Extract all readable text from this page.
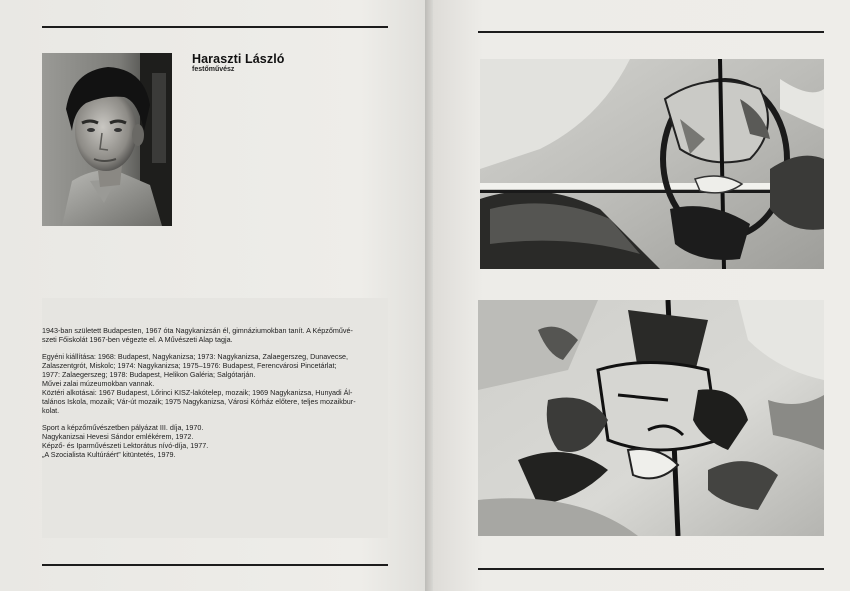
Haraszti László
festőművész

1943-ban született Budapesten, 1967 óta Nagykanizsán él, gimnáziumokban tanít. A Képzőművé-
szeti Főiskolát 1967-ben végezte el. A Művészeti Alap tagja.

Egyéni kiállítása: 1968: Budapest, Nagykanizsa; 1973: Nagykanizsa, Zalaegerszeg, Dunavecse,
Zalaszentgrót, Miskolc; 1974: Nagykanizsa; 1975–1976: Budapest, Ferencvárosi Pincetárlat;
1977: Zalaegerszeg; 1978: Budapest, Helikon Galéria; Salgótarján.
Művei zalai múzeumokban vannak.
Köztéri alkotásai: 1967 Budapest, Lőrinci KISZ-lakótelep, mozaik; 1969 Nagykanizsa, Hunyadi Ál-
talános Iskola, mozaik; Vár-út mozaik; 1975 Nagykanizsa, Városi Kórház előtere, teljes mozaikbur-
kolat.

Sport a képzőművészetben pályázat III. díja, 1970.
Nagykanizsai Hevesi Sándor emlékérem, 1972.
Képző- és Iparművészeti Lektorátus nívó-díja, 1977.
„A Szocialista Kultúráért” kitüntetés, 1979.
